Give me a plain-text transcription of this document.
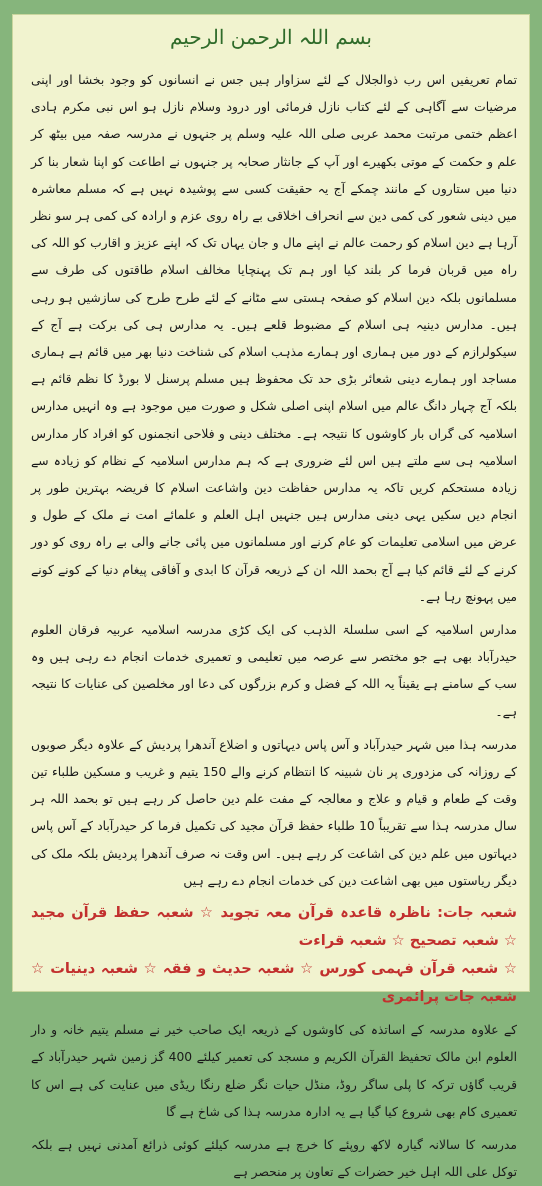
بسم اللہ الرحمن الرحیم

تمام تعریفیں اس رب ذوالجلال کے لئے سزاوار ہیں جس نے انسانوں کو وجود بخشا اور اپنی مرضیات سے آگاہی کے لئے کتاب نازل فرمائی اور درود وسلام نازل ہو اس نبی مکرم ہادی اعظم ختمی مرتبت محمد عربی صلی اللہ علیہ وسلم پر جنہوں نے مدرسہ صفہ میں بیٹھ کر علم و حکمت کے موتی بکھیرے اور آپ کے جانثار صحابہ پر جنہوں نے اطاعت کو اپنا شعار بنا کر دنیا میں ستاروں کے مانند چمکے آج یہ حقیقت کسی سے پوشیدہ نہیں ہے کہ مسلم معاشرہ میں دینی شعور کی کمی دین سے انحراف اخلاقی بے راہ روی عزم و ارادہ کی کمی ہر سو نظر آرہا ہے دین اسلام کو رحمت عالم نے اپنے مال و جان یہاں تک کہ اپنے عزیز و اقارب کو اللہ کی راہ میں قربان فرما کر بلند کیا اور ہم تک پہنچایا مخالف اسلام طاقتوں کی طرف سے مسلمانوں بلکہ دین اسلام کو صفحہ ہستی سے مٹانے کے لئے طرح طرح کی سازشیں ہو رہی ہیں۔ مدارس دینیہ ہی اسلام کے مضبوط قلعے ہیں۔ یہ مدارس ہی کی برکت ہے آج کے سیکولرازم کے دور میں ہماری اور ہمارے مذہب اسلام کی شناخت دنیا بھر میں قائم ہے ہماری مساجد اور ہمارے دینی شعائر بڑی حد تک محفوظ ہیں مسلم پرسنل لا بورڈ کا نظم قائم ہے بلکہ آج چہار دانگ عالم میں اسلام اپنی اصلی شکل و صورت میں موجود ہے وہ انہیں مدارس اسلامیہ کی گراں بار کاوشوں کا نتیجہ ہے۔ مختلف دینی و فلاحی انجمنوں کو افراد کار مدارس اسلامیہ ہی سے ملتے ہیں اس لئے ضروری ہے کہ ہم مدارس اسلامیہ کے نظام کو زیادہ سے زیادہ مستحکم کریں تاکہ یہ مدارس حفاظت دین واشاعت اسلام کا فریضہ بہترین طور پر انجام دیں سکیں یہی دینی مدارس ہیں جنہیں اہل العلم و علمائے امت نے ملک کے طول و عرض میں اسلامی تعلیمات کو عام کرنے اور مسلمانوں میں پائی جانے والی بے راہ روی کو دور کرنے کے لئے قائم کیا ہے آج بحمد اللہ ان کے ذریعہ قرآن کا ابدی و آفاقی پیغام دنیا کے کونے کونے میں پہونچ رہا ہے۔

مدارس اسلامیہ کے اسی سلسلۃ الذہب کی ایک کڑی مدرسہ اسلامیہ عربیہ فرقان العلوم حیدرآباد بھی ہے جو مختصر سے عرصہ میں تعلیمی و تعمیری خدمات انجام دے رہی ہیں وہ سب کے سامنے ہے یقیناً یہ اللہ کے فضل و کرم بزرگوں کی دعا اور مخلصین کی عنایات کا نتیجہ ہے۔

مدرسہ ہذا میں شہر حیدرآباد و آس پاس دیہاتوں و اضلاع آندھرا پردیش کے علاوہ دیگر صوبوں کے روزانہ کی مزدوری پر نان شبینہ کا انتظام کرنے والے 150 یتیم و غریب و مسکین طلباء تین وقت کے طعام و قیام و علاج و معالجہ کے مفت علم دین حاصل کر رہے ہیں تو بحمد اللہ ہر سال مدرسہ ہذا سے تقریباً 10 طلباء حفظ قرآن مجید کی تکمیل فرما کر حیدرآباد کے آس پاس دیہاتوں میں علم دین کی اشاعت کر رہے ہیں۔ اس وقت نہ صرف آندھرا پردیش بلکہ ملک کی دیگر ریاستوں میں بھی اشاعت دین کی خدمات انجام دے رہے ہیں

شعبہ جات: ناظرہ قاعدہ قرآن معہ تجوید ☆ شعبہ حفظ قرآن مجید ☆ شعبہ تصحیح ☆ شعبہ قراءت
☆ شعبہ قرآن فہمی کورس ☆ شعبہ حدیث و فقہ ☆ شعبہ دینیات ☆ شعبہ جات پرائمری

کے علاوہ مدرسہ کے اساتذہ کی کاوشوں کے ذریعہ ایک صاحب خیر نے مسلم یتیم خانہ و دار العلوم ابن مالک تحفیظ القرآن الکریم و مسجد کی تعمیر کیلئے 400 گز زمین شہر حیدرآباد کے قریب گاؤں ترکہ کا پلی ساگر روڈ، منڈل حیات نگر ضلع رنگا ریڈی میں عنایت کی ہے اس کا تعمیری کام بھی شروع کیا گیا ہے یہ ادارہ مدرسہ ہذا کی شاخ ہے گا

مدرسہ کا سالانہ گیارہ لاکھ روپئے کا خرچ ہے مدرسہ کیلئے کوئی ذرائع آمدنی نہیں ہے بلکہ توکل علی اللہ اہل خیر حضرات کے تعاون پر منحصر ہے
